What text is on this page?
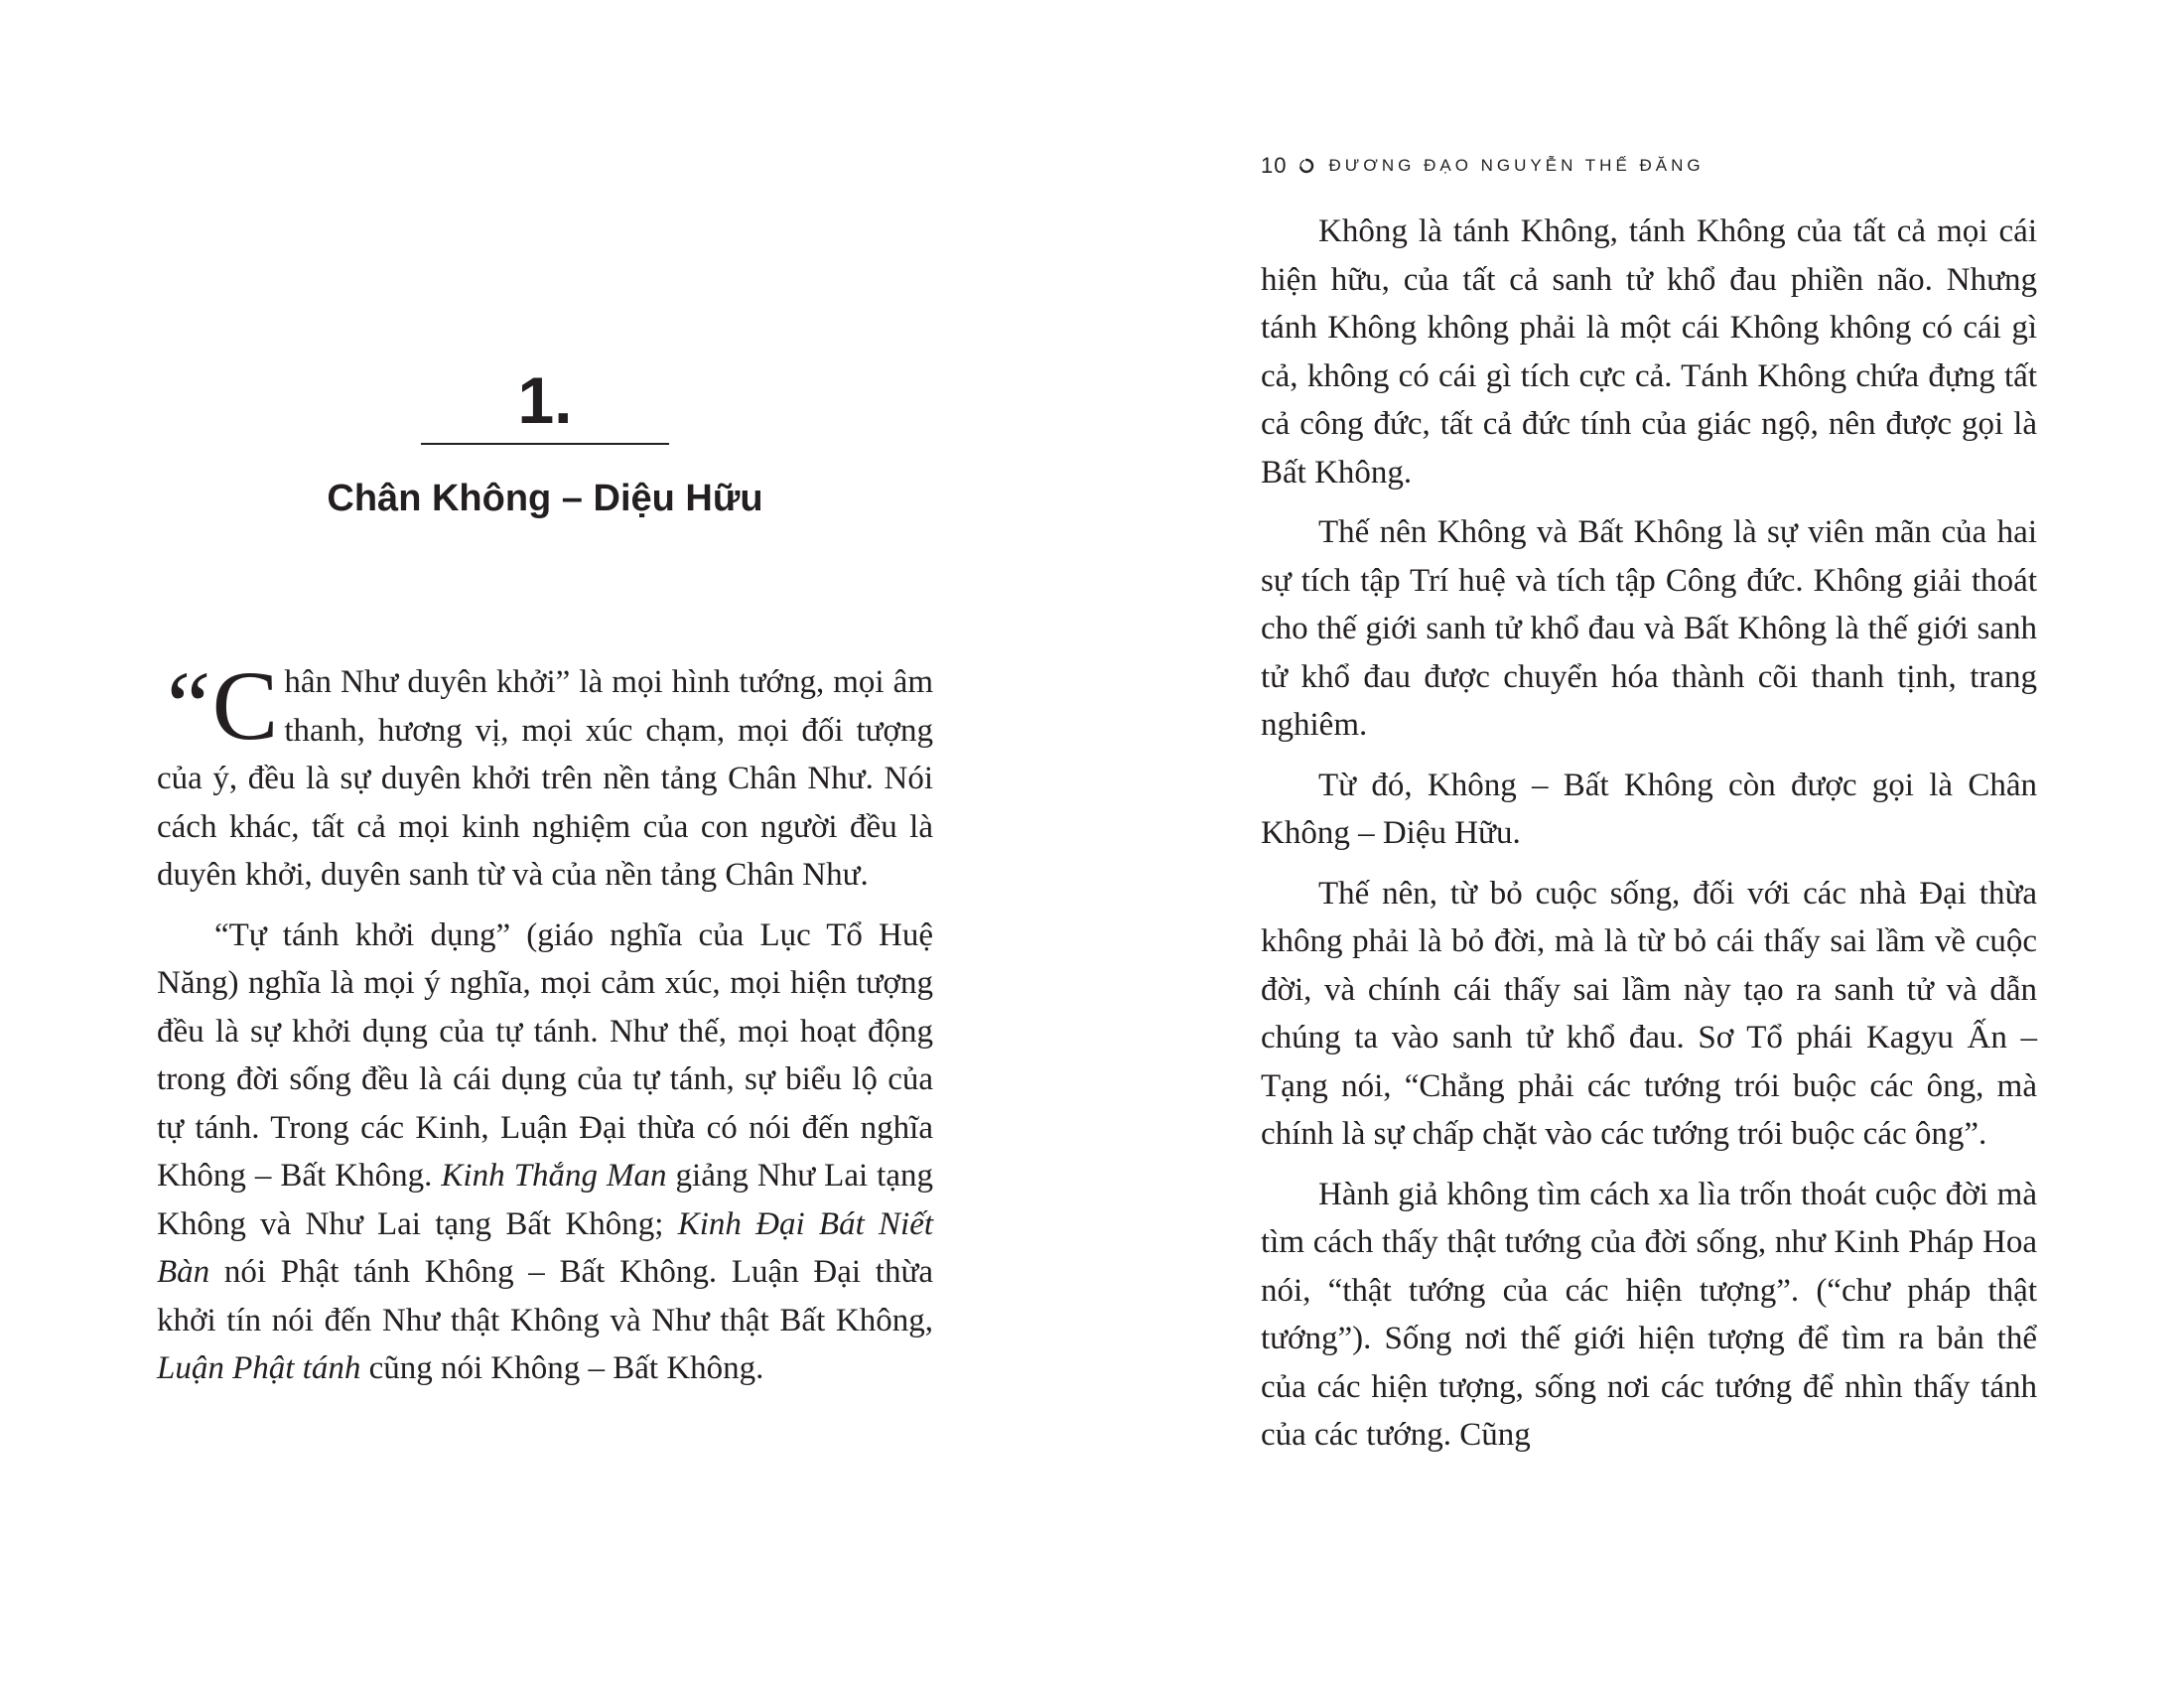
1.
Chân Không – Diệu Hữu

“C hân Như duyên khởi” là mọi hình tướng, mọi âm thanh, hương vị, mọi xúc chạm, mọi đối tượng của ý, đều là sự duyên khởi trên nền tảng Chân Như. Nói cách khác, tất cả mọi kinh nghiệm của con người đều là duyên khởi, duyên sanh từ và của nền tảng Chân Như.

“Tự tánh khởi dụng” (giáo nghĩa của Lục Tổ Huệ Năng) nghĩa là mọi ý nghĩa, mọi cảm xúc, mọi hiện tượng đều là sự khởi dụng của tự tánh. Như thế, mọi hoạt động trong đời sống đều là cái dụng của tự tánh, sự biểu lộ của tự tánh. Trong các Kinh, Luận Đại thừa có nói đến nghĩa Không – Bất Không. Kinh Thắng Man giảng Như Lai tạng Không và Như Lai tạng Bất Không; Kinh Đại Bát Niết Bàn nói Phật tánh Không – Bất Không. Luận Đại thừa khởi tín nói đến Như thật Không và Như thật Bất Không, Luận Phật tánh cũng nói Không – Bất Không.

10 ĐƯƠNG ĐẠO NGUYỄN THẾ ĐĂNG

Không là tánh Không, tánh Không của tất cả mọi cái hiện hữu, của tất cả sanh tử khổ đau phiền não. Nhưng tánh Không không phải là một cái Không không có cái gì cả, không có cái gì tích cực cả. Tánh Không chứa đựng tất cả công đức, tất cả đức tính của giác ngộ, nên được gọi là Bất Không.

Thế nên Không và Bất Không là sự viên mãn của hai sự tích tập Trí huệ và tích tập Công đức. Không giải thoát cho thế giới sanh tử khổ đau và Bất Không là thế giới sanh tử khổ đau được chuyển hóa thành cõi thanh tịnh, trang nghiêm.

Từ đó, Không – Bất Không còn được gọi là Chân Không – Diệu Hữu.

Thế nên, từ bỏ cuộc sống, đối với các nhà Đại thừa không phải là bỏ đời, mà là từ bỏ cái thấy sai lầm về cuộc đời, và chính cái thấy sai lầm này tạo ra sanh tử và dẫn chúng ta vào sanh tử khổ đau. Sơ Tổ phái Kagyu Ấn – Tạng nói, “Chẳng phải các tướng trói buộc các ông, mà chính là sự chấp chặt vào các tướng trói buộc các ông”.

Hành giả không tìm cách xa lìa trốn thoát cuộc đời mà tìm cách thấy thật tướng của đời sống, như Kinh Pháp Hoa nói, “thật tướng của các hiện tượng”. (“chư pháp thật tướng”). Sống nơi thế giới hiện tượng để tìm ra bản thể của các hiện tượng, sống nơi các tướng để nhìn thấy tánh của các tướng. Cũng
